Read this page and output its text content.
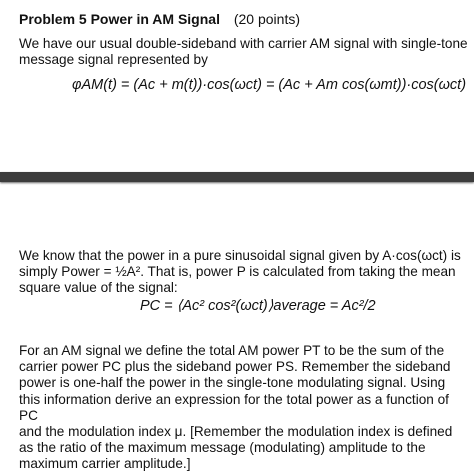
Problem 5 Power in AM Signal (20 points)
We have our usual double-sideband with carrier AM signal with single-tone
message signal represented by
φAM(t) = (Ac + m(t))·cos(ωct) = (Ac + Am cos(ωmt))·cos(ωct)
We know that the power in a pure sinusoidal signal given by A·cos(ωct) is
simply Power = ½A². That is, power P is calculated from taking the mean
square value of the signal:
PC = ⟨Ac² cos²(ωct)⟩average = Ac²/2
For an AM signal we define the total AM power PT to be the sum of the
carrier power PC plus the sideband power PS. Remember the sideband
power is one-half the power in the single-tone modulating signal. Using
this information derive an expression for the total power as a function of PC
and the modulation index μ. [Remember the modulation index is defined
as the ratio of the maximum message (modulating) amplitude to the
maximum carrier amplitude.]
